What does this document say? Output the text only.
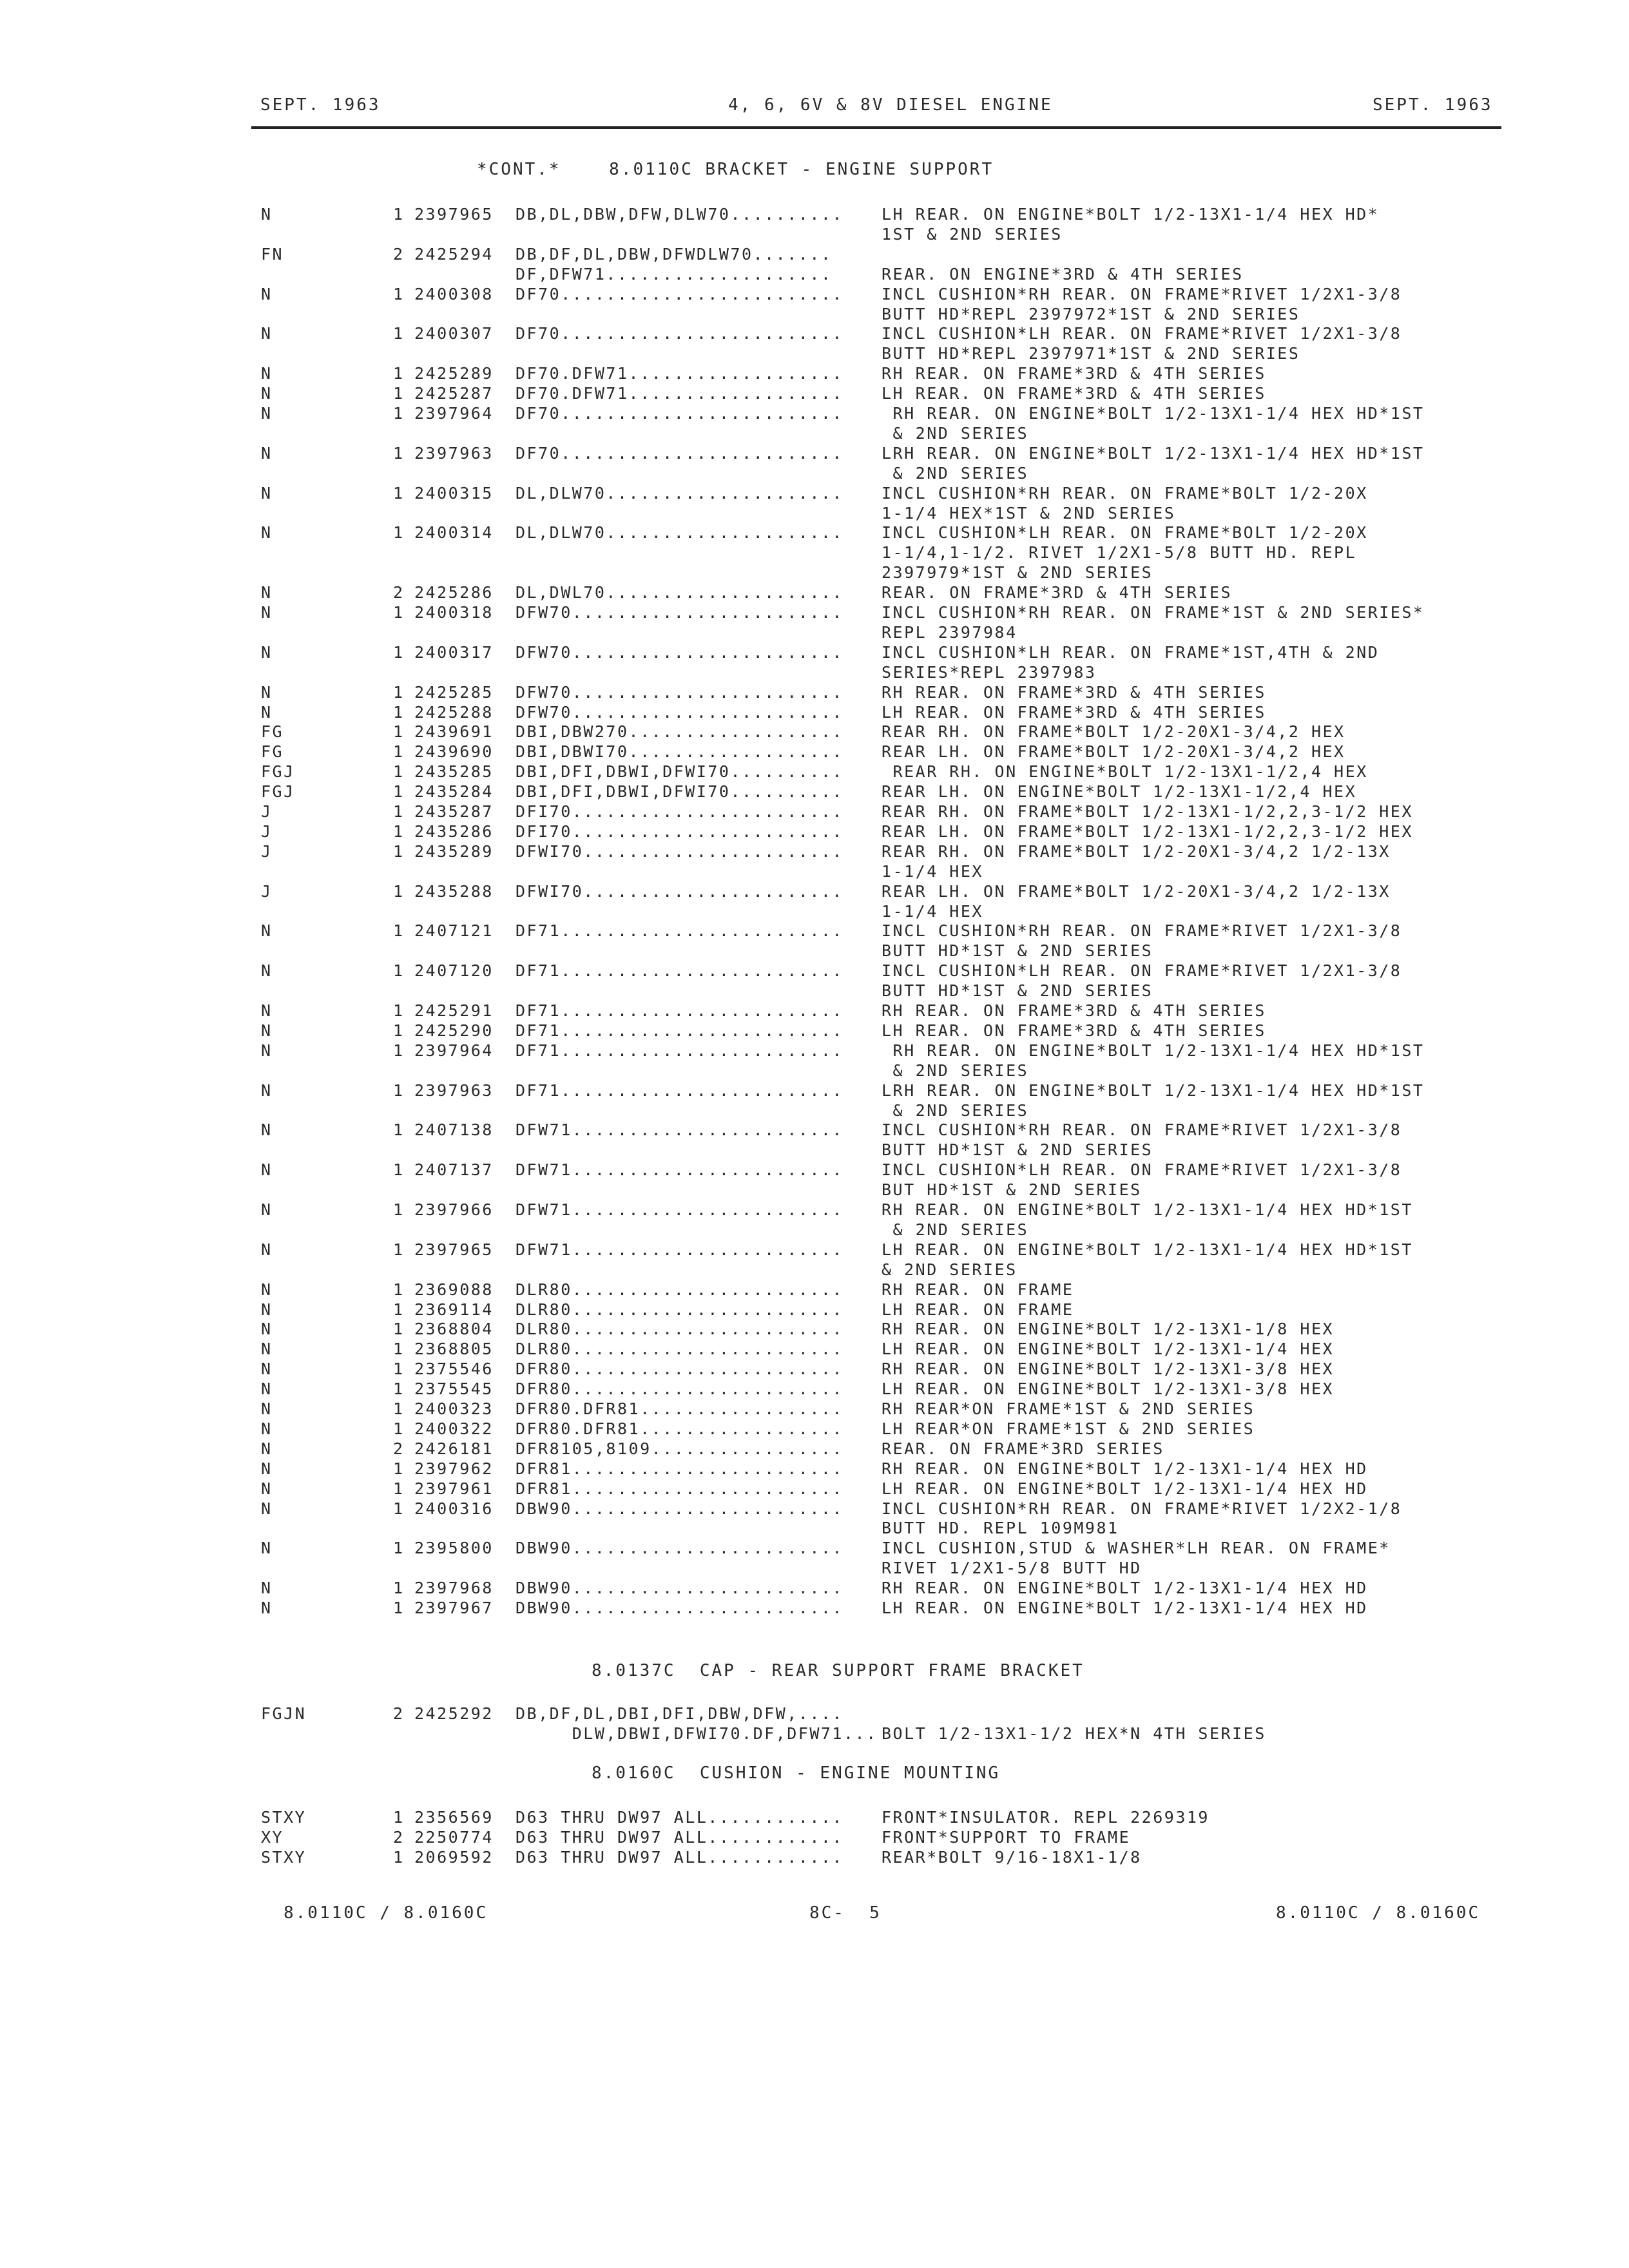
SEPT. 1963	4, 6, 6V & 8V DIESEL ENGINE	SEPT. 1963
*CONT.*    8.0110C BRACKET - ENGINE SUPPORT
N	1 2397965 DB,DL,DBW,DFW,DLW70.......... LH REAR. ON ENGINE*BOLT 1/2-13X1-1/4 HEX HD*
1ST & 2ND SERIES
FN	2 2425294 DB,DF,DL,DBW,DFWDLW70.......
DF,DFW71....................	REAR. ON ENGINE*3RD & 4TH SERIES
N	1 2400308 DF70......................... INCL CUSHION*RH REAR. ON FRAME*RIVET 1/2X1-3/8
BUTT HD*REPL 2397972*1ST & 2ND SERIES
N	1 2400307 DF70......................... INCL CUSHION*LH REAR. ON FRAME*RIVET 1/2X1-3/8
BUTT HD*REPL 2397971*1ST & 2ND SERIES
N	1 2425289 DF70.DFW71................... RH REAR. ON FRAME*3RD & 4TH SERIES
N	1 2425287 DF70.DFW71................... LH REAR. ON FRAME*3RD & 4TH SERIES
N	1 2397964 DF70......................... RH REAR. ON ENGINE*BOLT 1/2-13X1-1/4 HEX HD*1ST
& 2ND SERIES
N	1 2397963 DF70......................... LRH REAR. ON ENGINE*BOLT 1/2-13X1-1/4 HEX HD*1ST
& 2ND SERIES
N	1 2400315 DL,DLW70..................... INCL CUSHION*RH REAR. ON FRAME*BOLT 1/2-20X
1-1/4 HEX*1ST & 2ND SERIES
N	1 2400314 DL,DLW70..................... INCL CUSHION*LH REAR. ON FRAME*BOLT 1/2-20X
1-1/4,1-1/2. RIVET 1/2X1-5/8 BUTT HD. REPL
2397979*1ST & 2ND SERIES
N	2 2425286 DL,DWL70..................... REAR. ON FRAME*3RD & 4TH SERIES
N	1 2400318 DFW70........................ INCL CUSHION*RH REAR. ON FRAME*1ST & 2ND SERIES*
REPL 2397984
N	1 2400317 DFW70........................ INCL CUSHION*LH REAR. ON FRAME*1ST,4TH & 2ND
SERIES*REPL 2397983
N	1 2425285 DFW70........................ RH REAR. ON FRAME*3RD & 4TH SERIES
N	1 2425288 DFW70........................ LH REAR. ON FRAME*3RD & 4TH SERIES
FG	1 2439691 DBI,DBW270................... REAR RH. ON FRAME*BOLT 1/2-20X1-3/4,2 HEX
FG	1 2439690 DBI,DBWI70................... REAR LH. ON FRAME*BOLT 1/2-20X1-3/4,2 HEX
FGJ	1 2435285 DBI,DFI,DBWI,DFWI70.......... REAR RH. ON ENGINE*BOLT 1/2-13X1-1/2,4 HEX
FGJ	1 2435284 DBI,DFI,DBWI,DFWI70.......... REAR LH. ON ENGINE*BOLT 1/2-13X1-1/2,4 HEX
J	1 2435287 DFI70........................ REAR RH. ON FRAME*BOLT 1/2-13X1-1/2,2,3-1/2 HEX
J	1 2435286 DFI70........................ REAR LH. ON FRAME*BOLT 1/2-13X1-1/2,2,3-1/2 HEX
J	1 2435289 DFWI70....................... REAR RH. ON FRAME*BOLT 1/2-20X1-3/4,2 1/2-13X
1-1/4 HEX
J	1 2435288 DFWI70....................... REAR LH. ON FRAME*BOLT 1/2-20X1-3/4,2 1/2-13X
1-1/4 HEX
N	1 2407121 DF71......................... INCL CUSHION*RH REAR. ON FRAME*RIVET 1/2X1-3/8
BUTT HD*1ST & 2ND SERIES
N	1 2407120 DF71......................... INCL CUSHION*LH REAR. ON FRAME*RIVET 1/2X1-3/8
BUTT HD*1ST & 2ND SERIES
N	1 2425291 DF71......................... RH REAR. ON FRAME*3RD & 4TH SERIES
N	1 2425290 DF71......................... LH REAR. ON FRAME*3RD & 4TH SERIES
N	1 2397964 DF71......................... RH REAR. ON ENGINE*BOLT 1/2-13X1-1/4 HEX HD*1ST
& 2ND SERIES
N	1 2397963 DF71......................... LRH REAR. ON ENGINE*BOLT 1/2-13X1-1/4 HEX HD*1ST
& 2ND SERIES
N	1 2407138 DFW71........................ INCL CUSHION*RH REAR. ON FRAME*RIVET 1/2X1-3/8
BUTT HD*1ST & 2ND SERIES
N	1 2407137 DFW71........................ INCL CUSHION*LH REAR. ON FRAME*RIVET 1/2X1-3/8
BUT HD*1ST & 2ND SERIES
N	1 2397966 DFW71........................ RH REAR. ON ENGINE*BOLT 1/2-13X1-1/4 HEX HD*1ST
& 2ND SERIES
N	1 2397965 DFW71........................ LH REAR. ON ENGINE*BOLT 1/2-13X1-1/4 HEX HD*1ST
& 2ND SERIES
N	1 2369088 DLR80........................ RH REAR. ON FRAME
N	1 2369114 DLR80........................ LH REAR. ON FRAME
N	1 2368804 DLR80........................ RH REAR. ON ENGINE*BOLT 1/2-13X1-1/8 HEX
N	1 2368805 DLR80........................ LH REAR. ON ENGINE*BOLT 1/2-13X1-1/4 HEX
N	1 2375546 DFR80........................ RH REAR. ON ENGINE*BOLT 1/2-13X1-3/8 HEX
N	1 2375545 DFR80........................ LH REAR. ON ENGINE*BOLT 1/2-13X1-3/8 HEX
N	1 2400323 DFR80.DFR81.................. RH REAR*ON FRAME*1ST & 2ND SERIES
N	1 2400322 DFR80.DFR81.................. LH REAR*ON FRAME*1ST & 2ND SERIES
N	2 2426181 DFR8105,8109................. REAR. ON FRAME*3RD SERIES
N	1 2397962 DFR81........................ RH REAR. ON ENGINE*BOLT 1/2-13X1-1/4 HEX HD
N	1 2397961 DFR81........................ LH REAR. ON ENGINE*BOLT 1/2-13X1-1/4 HEX HD
N	1 2400316 DBW90........................ INCL CUSHION*RH REAR. ON FRAME*RIVET 1/2X2-1/8
BUTT HD. REPL 109M981
N	1 2395800 DBW90........................ INCL CUSHION,STUD & WASHER*LH REAR. ON FRAME*
RIVET 1/2X1-5/8 BUTT HD
N	1 2397968 DBW90........................ RH REAR. ON ENGINE*BOLT 1/2-13X1-1/4 HEX HD
N	1 2397967 DBW90........................ LH REAR. ON ENGINE*BOLT 1/2-13X1-1/4 HEX HD
8.0137C  CAP - REAR SUPPORT FRAME BRACKET
FGJN	2 2425292 DB,DF,DL,DBI,DFI,DBW,DFW,....
DLW,DBWI,DFWI70.DF,DFW71... BOLT 1/2-13X1-1/2 HEX*N 4TH SERIES
8.0160C  CUSHION - ENGINE MOUNTING
STXY	1 2356569 D63 THRU DW97 ALL............ FRONT*INSULATOR. REPL 2269319
XY	2 2250774 D63 THRU DW97 ALL............ FRONT*SUPPORT TO FRAME
STXY	1 2069592 D63 THRU DW97 ALL............ REAR*BOLT 9/16-18X1-1/8
8.0110C / 8.0160C	8C-  5	8.0110C / 8.0160C
